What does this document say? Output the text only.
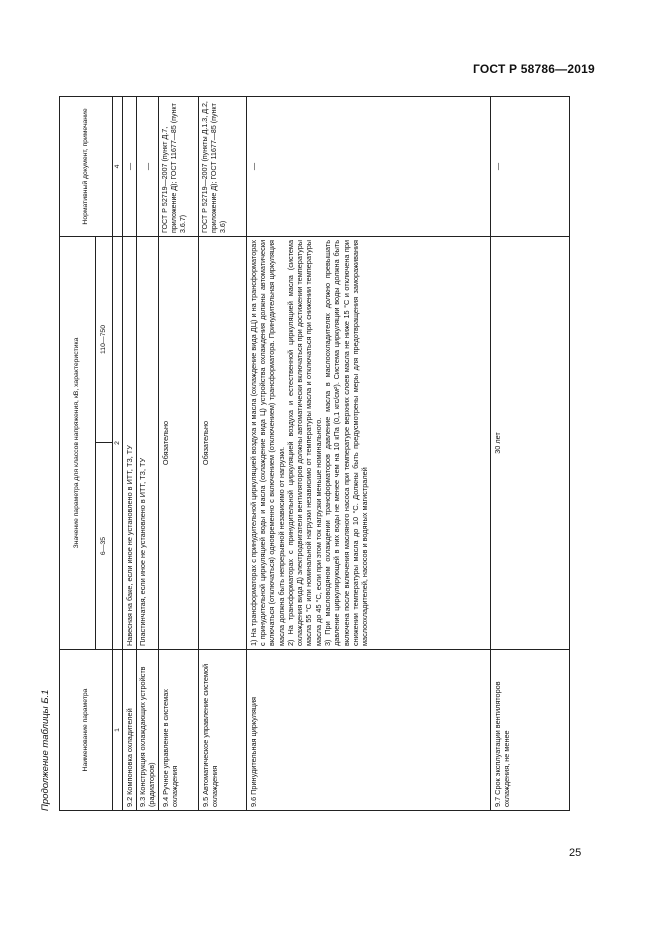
ГОСТ Р 58786—2019
Продолжение таблицы Б.1	Наименование параметра	Значение параметра для классов напряжения, кВ, характеристика		Нормативный документ, примечание
	6—35	110—750	
1	2		4
9.2 Компоновка охладителей	Навесная на баке, если иное не установлено в ИТТ, ТЗ, ТУ		—
9.3 Конструкция охлаждающих устройств (радиаторов)	Пластинчатая, если иное не установлено в ИТТ, ТЗ, ТУ		—
9.4 Ручное управление в системах охлаждения	Обязательно		ГОСТ Р 52719—2007 (пункт Д.7, приложение Д); ГОСТ 11677—85 (пункт 3.6.7)
9.5 Автоматическое управление системой охлаждения	Обязательно		ГОСТ Р 52719—2007 (пункты Д.1.3, Д.2, приложение Д); ГОСТ 11677—85 (пункт 3.6)
9.6 Принудительная циркуляция	1) На трансформаторах с принудительной циркуляцией воздуха и масла (охлаждение вида ДЦ) и на трансформаторах с принудительной циркуляцией воды и масла (охлаждение вида Ц) устройства охлаждения должны автоматически включаться (отключаться) одновременно с включением (отключением) трансформатора. Принудительная циркуляция масла должна быть непрерывной независимо от нагрузки. 2) На трансформаторах с принудительной циркуляцией воздуха и естественной циркуляцией масла (система охлаждения вида Д) электродвигатели вентиляторов должны автоматически включаться при достижении температуры масла 55 °С или номинальной нагрузки независимо от температуры масла и отключаться при снижении температуры масла до 45 °С, если при этом ток нагрузки меньше номинального. 3) При масловодяном охлаждении трансформаторов давление масла в маслоохладителях должно превышать давление циркулирующей в них воды не менее чем на 10 кПа (0,1 кгс/см²). Система циркуляции воды должна быть включена после включения масляного насоса при температуре верхних слоев масла не ниже 15 °С и отключена при снижении температуры масла до 10 °С. Должны быть предусмотрены меры для предотвращения замораживания маслоохладителей, насосов и водяных магистралей		—
9.7 Срок эксплуатации вентиляторов охлаждения, не менее	30 лет		—
25
